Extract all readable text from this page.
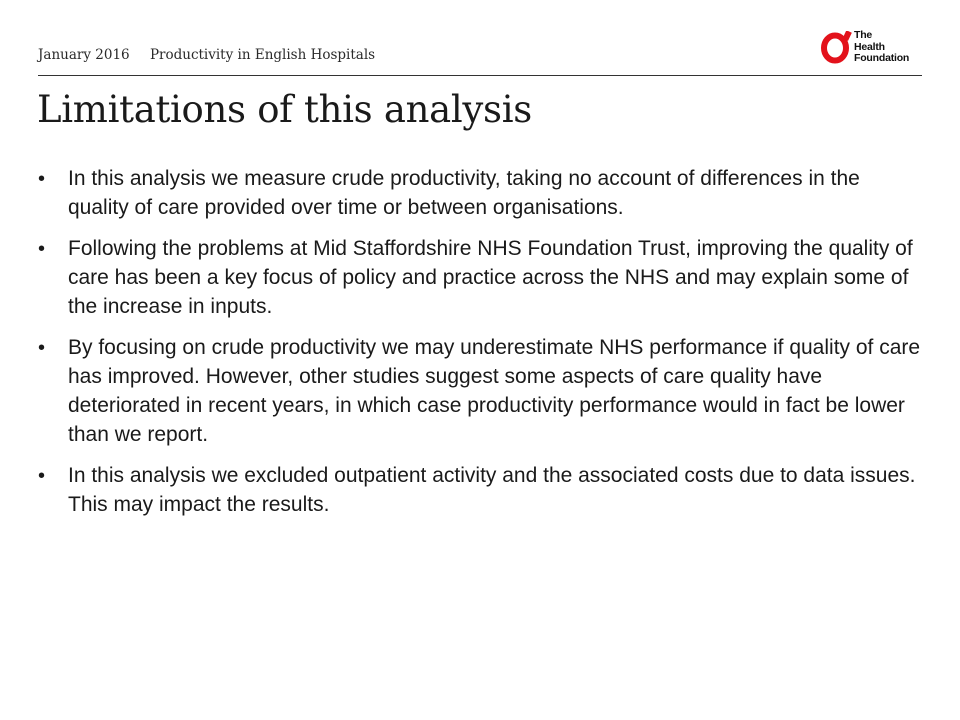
January 2016 Productivity in English Hospitals
The
Health
Foundation
Limitations of this analysis
• In this analysis we measure crude productivity, taking no account of differences in the quality of care provided over time or between organisations.
• Following the problems at Mid Staffordshire NHS Foundation Trust, improving the quality of care has been a key focus of policy and practice across the NHS and may explain some of the increase in inputs.
• By focusing on crude productivity we may underestimate NHS performance if quality of care has improved. However, other studies suggest some aspects of care quality have deteriorated in recent years, in which case productivity performance would in fact be lower than we report.
• In this analysis we excluded outpatient activity and the associated costs due to data issues. This may impact the results.
